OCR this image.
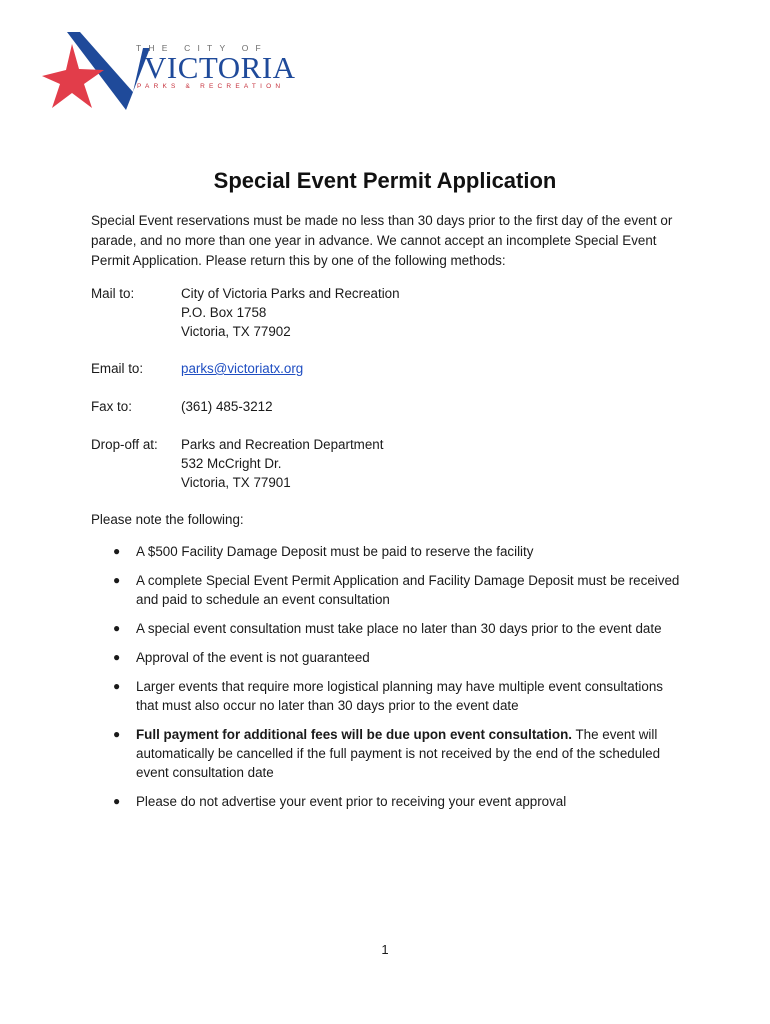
THE CITY OF
VICTORIA
PARKS & RECREATION
Special Event Permit Application
Special Event reservations must be made no less than 30 days prior to the first day of the event or parade, and no more than one year in advance. We cannot accept an incomplete Special Event Permit Application. Please return this by one of the following methods:
Mail to:	City of Victoria Parks and Recreation
P.O. Box 1758
Victoria, TX 77902
Email to:	parks@victoriatx.org
Fax to:	(361) 485-3212
Drop-off at: Parks and Recreation Department
532 McCright Dr.
Victoria, TX 77901
Please note the following:
● A $500 Facility Damage Deposit must be paid to reserve the facility
● A complete Special Event Permit Application and Facility Damage Deposit must be received and paid to schedule an event consultation
● A special event consultation must take place no later than 30 days prior to the event date
● Approval of the event is not guaranteed
● Larger events that require more logistical planning may have multiple event consultations that must also occur no later than 30 days prior to the event date
● Full payment for additional fees will be due upon event consultation. The event will automatically be cancelled if the full payment is not received by the end of the scheduled event consultation date
● Please do not advertise your event prior to receiving your event approval
1
